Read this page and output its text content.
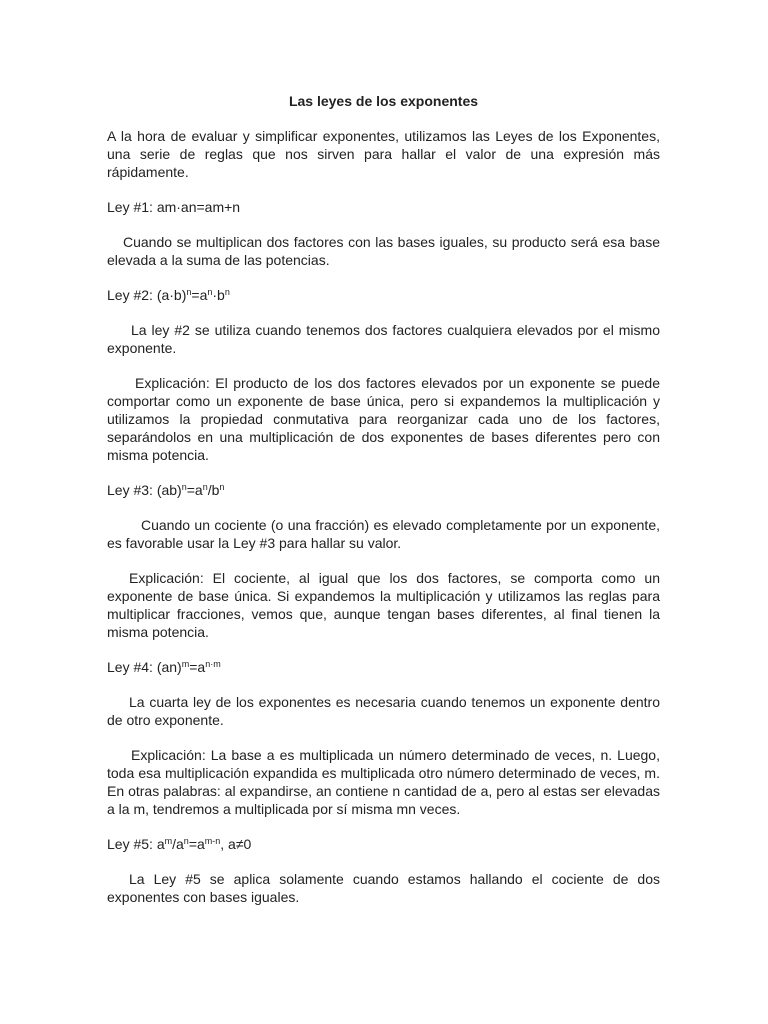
Las leyes de los exponentes

A la hora de evaluar y simplificar exponentes, utilizamos las Leyes de los Exponentes, una serie de reglas que nos sirven para hallar el valor de una expresión más rápidamente.

Ley #1: am·an=am+n

Cuando se multiplican dos factores con las bases iguales, su producto será esa base elevada a la suma de las potencias.

Ley #2: $(a\cdot b)^n=a^n\cdot b^n$

La ley #2 se utiliza cuando tenemos dos factores cualquiera elevados por el mismo exponente.

Explicación: El producto de los dos factores elevados por un exponente se puede comportar como un exponente de base única, pero si expandemos la multiplicación y utilizamos la propiedad conmutativa para reorganizar cada uno de los factores, separándolos en una multiplicación de dos exponentes de bases diferentes pero con misma potencia.

Ley #3: $(ab)^n=a^n/b^n$

Cuando un cociente (o una fracción) es elevado completamente por un exponente, es favorable usar la Ley #3 para hallar su valor.

Explicación: El cociente, al igual que los dos factores, se comporta como un exponente de base única. Si expandemos la multiplicación y utilizamos las reglas para multiplicar fracciones, vemos que, aunque tengan bases diferentes, al final tienen la misma potencia.

Ley #4: $(an)^m=a^{n\cdot m}$

La cuarta ley de los exponentes es necesaria cuando tenemos un exponente dentro de otro exponente.

Explicación: La base a es multiplicada un número determinado de veces, n. Luego, toda esa multiplicación expandida es multiplicada otro número determinado de veces, m. En otras palabras: al expandirse, an contiene n cantidad de a, pero al estas ser elevadas a la m, tendremos a multiplicada por sí misma mn veces.

Ley #5: $a^m/a^n=a^{m-n}$, a≠0

La Ley #5 se aplica solamente cuando estamos hallando el cociente de dos exponentes con bases iguales.
